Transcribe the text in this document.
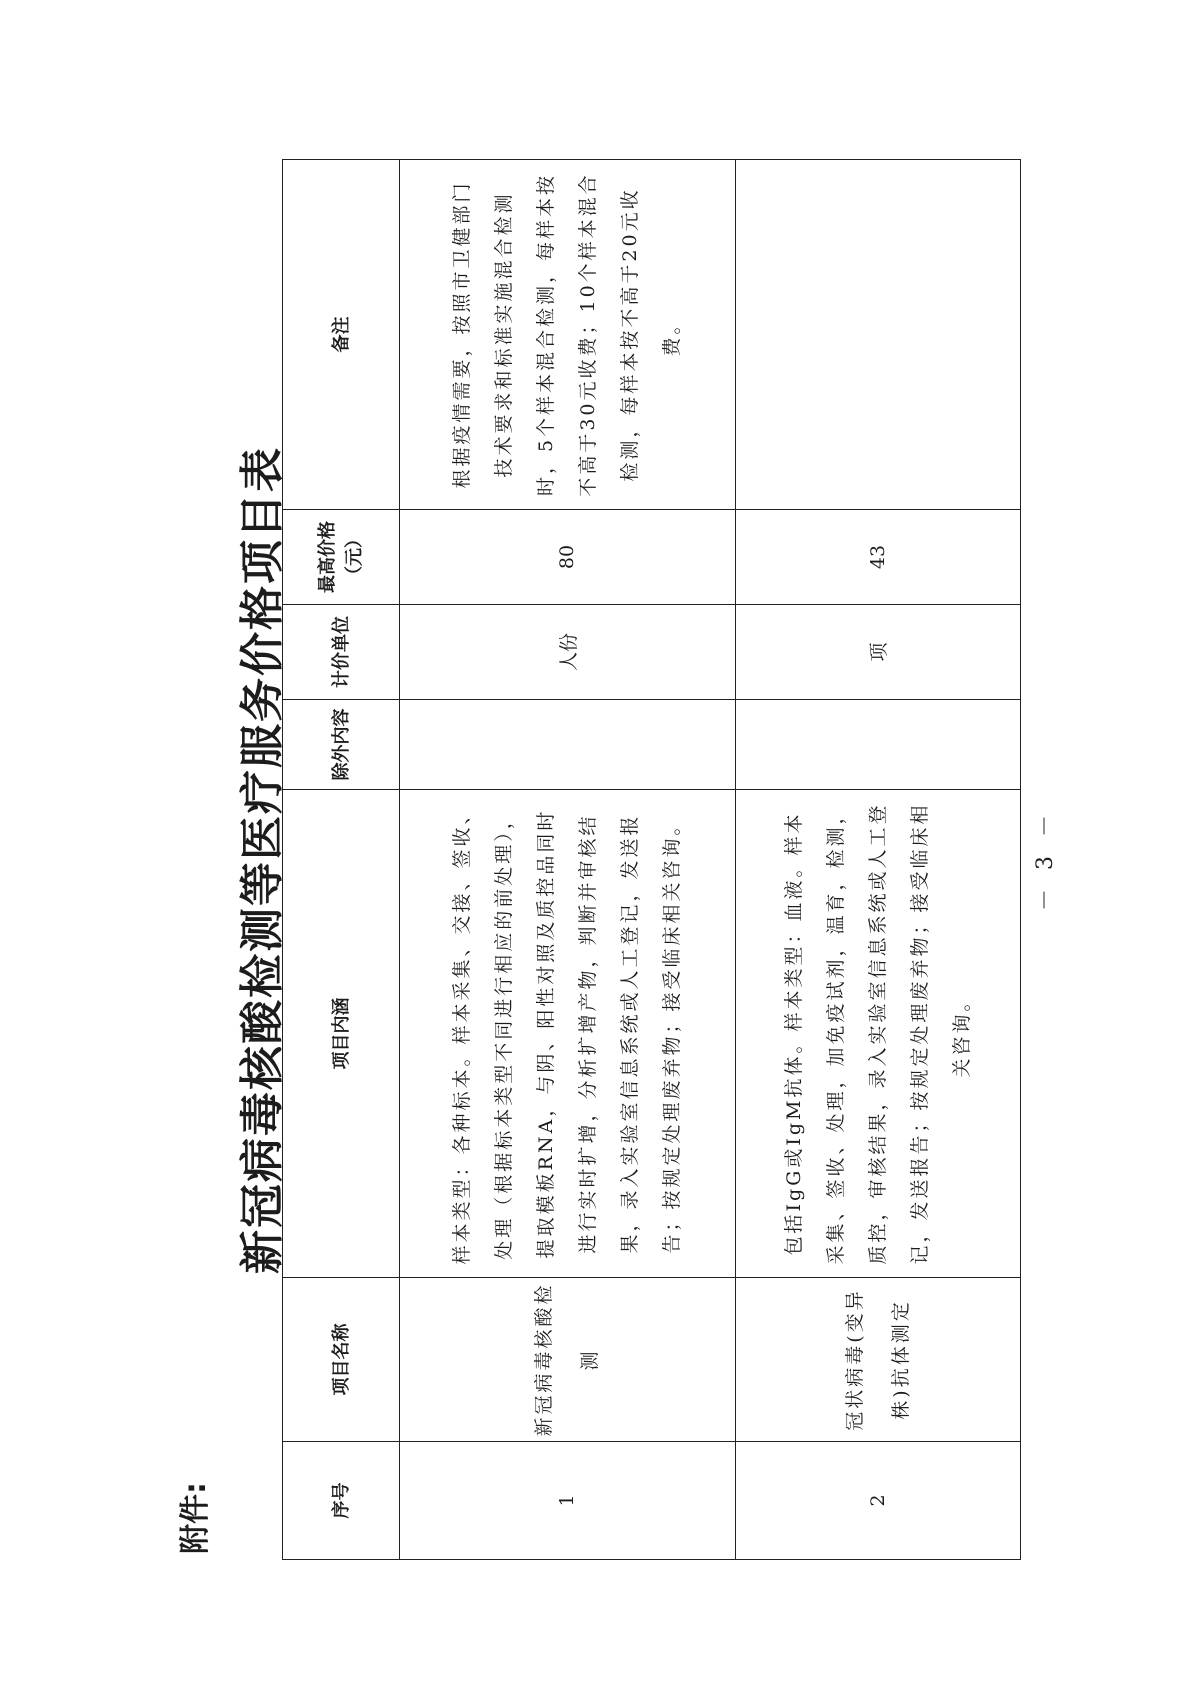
附件:
新冠病毒核酸检测等医疗服务价格项目表
序号	项目名称	项目内涵	除外内容	计价单位	最高价格（元）	备注
1	新冠病毒核酸检测	样本类型：各种标本。样本采集、交接、签收、处理（根据标本类型不同进行相应的前处理），提取模板RNA，与阴、阳性对照及质控品同时进行实时扩增，分析扩增产物，判断并审核结果，录入实验室信息系统或人工登记，发送报告；按规定处理废弃物；接受临床相关咨询。		人份	80	根据疫情需要，按照市卫健部门技术要求和标准实施混合检测时，5个样本混合检测，每样本按不高于30元收费；10个样本混合检测，每样本按不高于20元收费。
2	冠状病毒(变异株)抗体测定	包括IgG或IgM抗体。样本类型：血液。样本采集、签收、处理，加免疫试剂，温育，检测，质控，审核结果，录入实验室信息系统或人工登记，发送报告；按规定处理废弃物；接受临床相关咨询。		项	43	
－ 3 －
